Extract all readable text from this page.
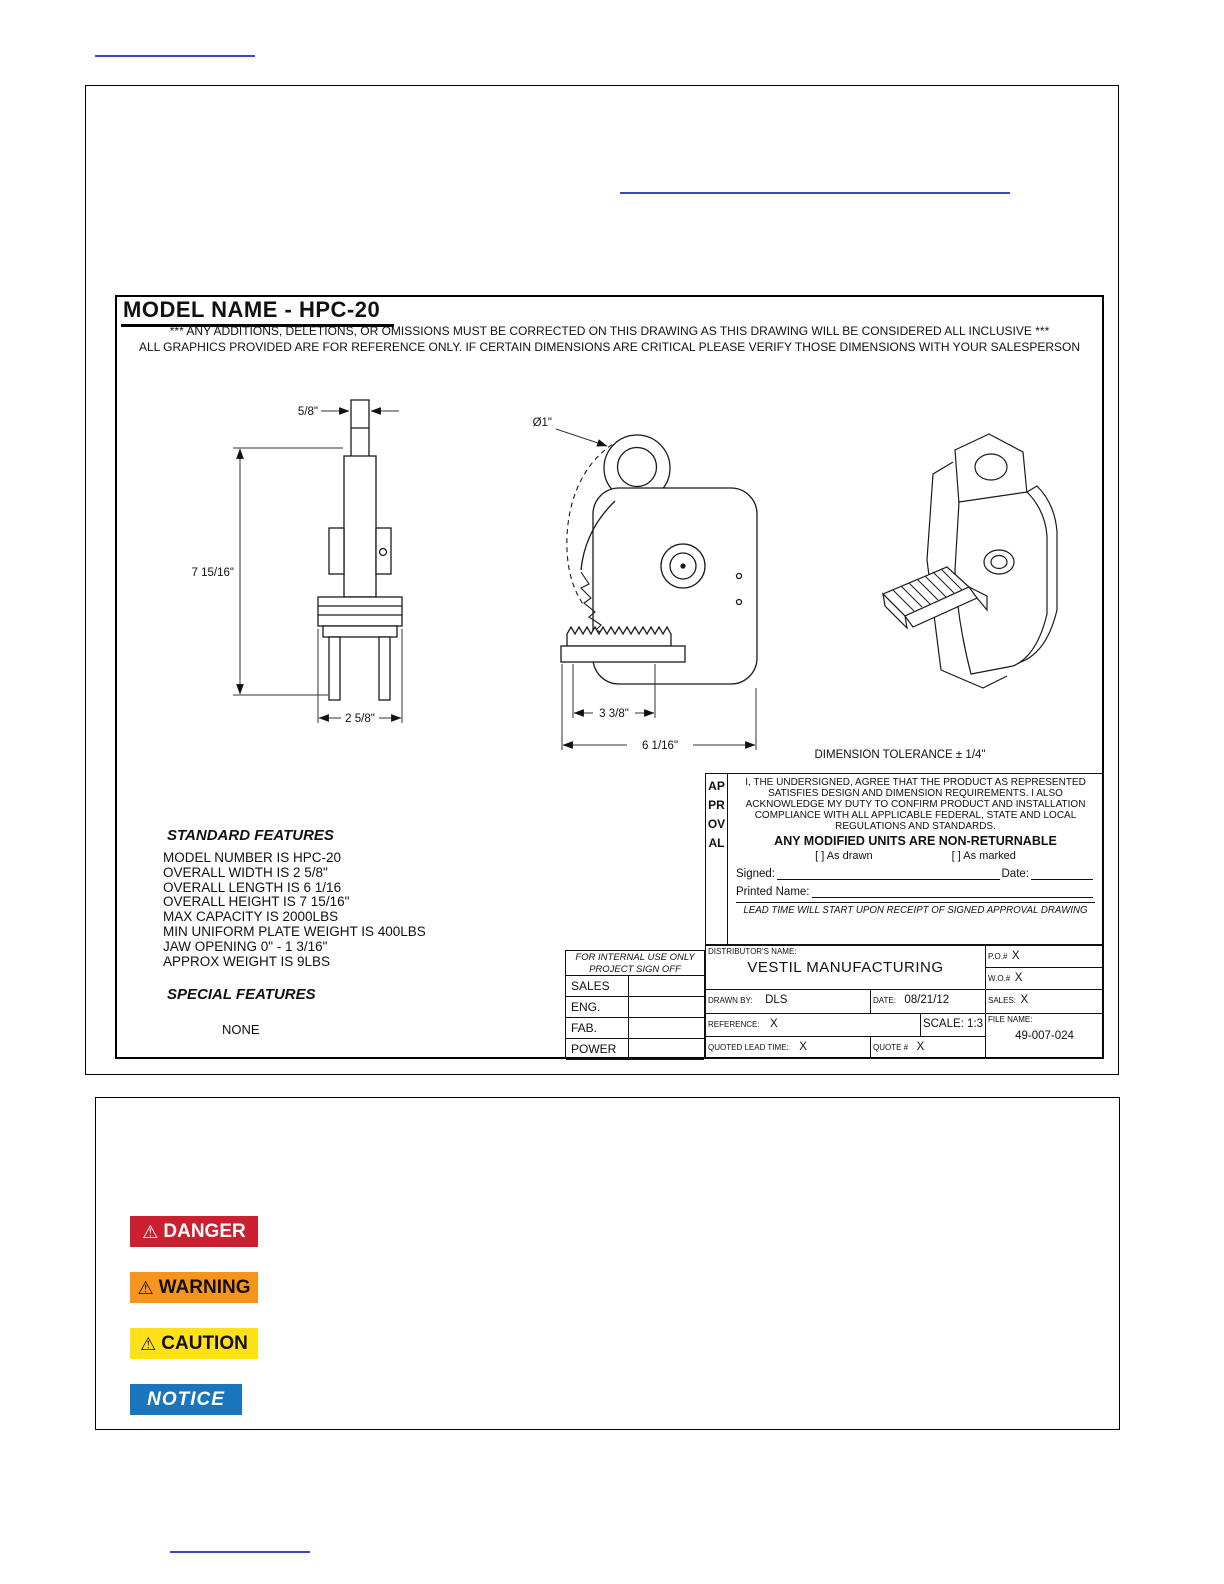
MODEL NAME - HPC-20
*** ANY ADDITIONS, DELETIONS, OR OMISSIONS MUST BE CORRECTED ON THIS DRAWING AS THIS DRAWING WILL BE CONSIDERED ALL INCLUSIVE ***
ALL GRAPHICS PROVIDED ARE FOR REFERENCE ONLY. IF CERTAIN DIMENSIONS ARE CRITICAL PLEASE VERIFY THOSE DIMENSIONS WITH YOUR SALESPERSON
5/8"
7 15/16"
2 5/8"
Ø1"
3 3/8"
6 1/16"
DIMENSION TOLERANCE ± 1/4"
STANDARD FEATURES
MODEL NUMBER IS HPC-20
OVERALL WIDTH IS 2 5/8"
OVERALL LENGTH IS 6 1/16
OVERALL HEIGHT IS 7 15/16"
MAX CAPACITY IS 2000LBS
MIN UNIFORM PLATE WEIGHT IS 400LBS
JAW OPENING 0" - 1 3/16"
APPROX WEIGHT IS 9LBS
SPECIAL FEATURES
NONE
APPROVAL
I, THE UNDERSIGNED, AGREE THAT THE PRODUCT AS REPRESENTED SATISFIES DESIGN AND DIMENSION REQUIREMENTS. I ALSO ACKNOWLEDGE MY DUTY TO CONFIRM PRODUCT AND INSTALLATION COMPLIANCE WITH ALL APPLICABLE FEDERAL, STATE AND LOCAL REGULATIONS AND STANDARDS.
ANY MODIFIED UNITS ARE NON-RETURNABLE
[ ] As drawn	[ ] As marked
Signed:	Date:
Printed Name:
LEAD TIME WILL START UPON RECEIPT OF SIGNED APPROVAL DRAWING
FOR INTERNAL USE ONLY
PROJECT SIGN OFF
SALES
ENG.
FAB.
POWER
DISTRIBUTOR'S NAME:
VESTIL MANUFACTURING
P.O.# X
W.O.# X
DRAWN BY: DLS	DATE: 08/21/12	SALES: X
REFERENCE: X	SCALE: 1:3 FILE NAME:
49-007-024
QUOTED LEAD TIME: X	QUOTE # X
⚠ DANGER
⚠ WARNING
⚠ CAUTION
NOTICE
